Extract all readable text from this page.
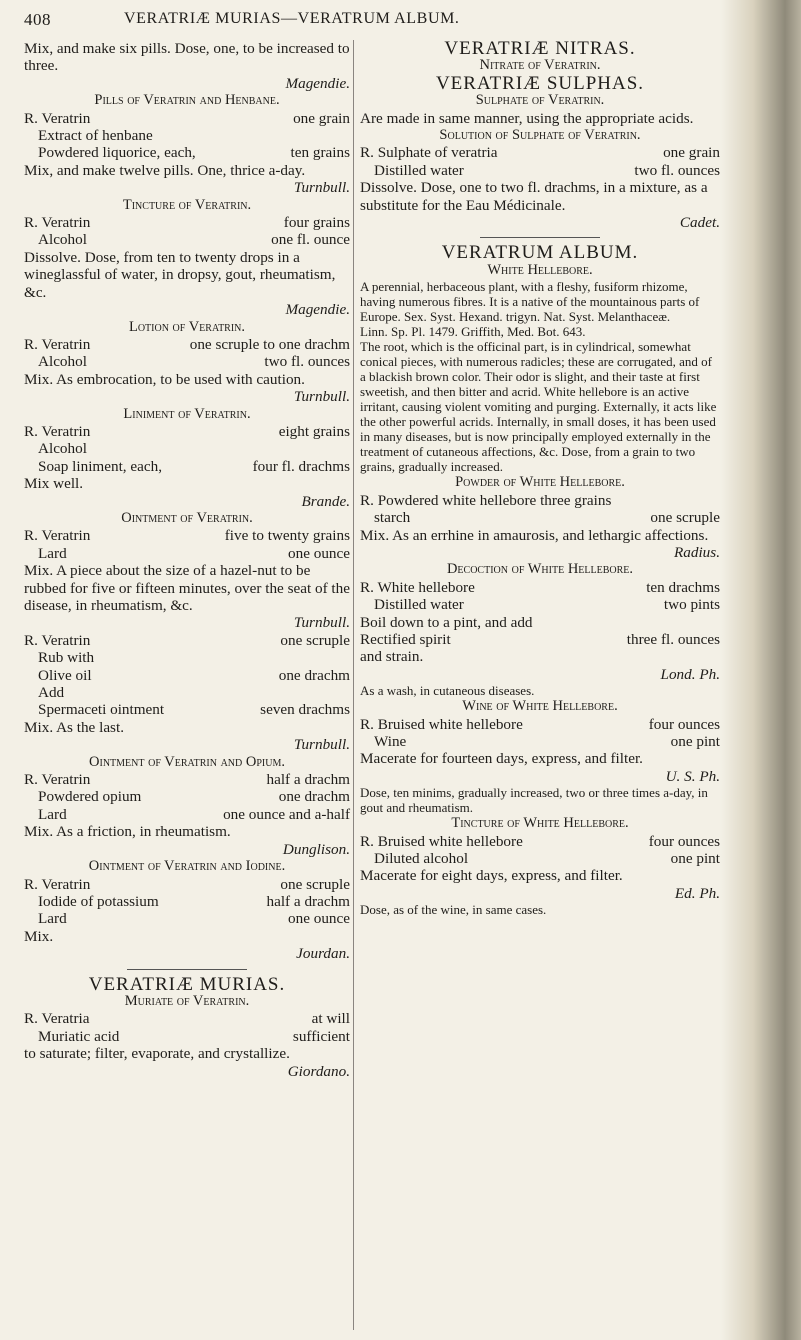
408	VERATRIÆ MURIAS—VERATRUM ALBUM.

Mix, and make six pills. Dose, one, to be increased to three.

Magendie.

Pills of Veratrin and Henbane.

R. Veratrin	one grain
Extract of henbane
Powdered liquorice, each,	ten grains

Mix, and make twelve pills. One, thrice a-day.

Turnbull.

Tincture of Veratrin.

R. Veratrin	four grains
Alcohol	one fl. ounce

Dissolve. Dose, from ten to twenty drops in a wineglassful of water, in dropsy, gout, rheumatism, &c.

Magendie.

Lotion of Veratrin.

R. Veratrin	one scruple to one drachm
Alcohol	two fl. ounces

Mix. As embrocation, to be used with caution.

Turnbull.

Liniment of Veratrin.

R. Veratrin	eight grains
Alcohol
Soap liniment, each,	four fl. drachms

Mix well.

Brande.

Ointment of Veratrin.

R. Veratrin	five to twenty grains
Lard	one ounce

Mix. A piece about the size of a hazel-nut to be rubbed for five or fifteen minutes, over the seat of the disease, in rheumatism, &c.

Turnbull.

R. Veratrin	one scruple
Rub with
Olive oil	one drachm
Add
Spermaceti ointment	seven drachms

Mix. As the last.

Turnbull.

Ointment of Veratrin and Opium.

R. Veratrin	half a drachm
Powdered opium	one drachm
Lard	one ounce and a-half

Mix. As a friction, in rheumatism.

Dunglison.

Ointment of Veratrin and Iodine.

R. Veratrin	one scruple
Iodide of potassium	half a drachm
Lard	one ounce

Mix.

Jourdan.

VERATRIÆ MURIAS.

Muriate of Veratrin.

R. Veratria	at will
Muriatic acid	sufficient

to saturate; filter, evaporate, and crystallize.

Giordano.

VERATRIÆ NITRAS.

Nitrate of Veratrin.

VERATRIÆ SULPHAS.

Sulphate of Veratrin.

Are made in same manner, using the appropriate acids.

Solution of Sulphate of Veratrin.

R. Sulphate of veratria	one grain
Distilled water	two fl. ounces

Dissolve. Dose, one to two fl. drachms, in a mixture, as a substitute for the Eau Médicinale.

Cadet.

VERATRUM ALBUM.

White Hellebore.

A perennial, herbaceous plant, with a fleshy, fusiform rhizome, having numerous fibres. It is a native of the mountainous parts of Europe. Sex. Syst. Hexand. trigyn. Nat. Syst. Melanthaceæ.

Linn. Sp. Pl. 1479. Griffith, Med. Bot. 643.

The root, which is the officinal part, is in cylindrical, somewhat conical pieces, with numerous radicles; these are corrugated, and of a blackish brown color. Their odor is slight, and their taste at first sweetish, and then bitter and acrid. White hellebore is an active irritant, causing violent vomiting and purging. Externally, it acts like the other powerful acrids. Internally, in small doses, it has been used in many diseases, but is now principally employed externally in the treatment of cutaneous affections, &c. Dose, from a grain to two grains, gradually increased.

Powder of White Hellebore.

R. Powdered white hellebore three grains
starch	one scruple

Mix. As an errhine in amaurosis, and lethargic affections.

Radius.

Decoction of White Hellebore.

R. White hellebore	ten drachms
Distilled water	two pints

Boil down to a pint, and add

Rectified spirit	three fl. ounces

and strain.

Lond. Ph.

As a wash, in cutaneous diseases.

Wine of White Hellebore.

R. Bruised white hellebore	four ounces
Wine	one pint

Macerate for fourteen days, express, and filter.

U. S. Ph.

Dose, ten minims, gradually increased, two or three times a-day, in gout and rheumatism.

Tincture of White Hellebore.

R. Bruised white hellebore	four ounces
Diluted alcohol	one pint

Macerate for eight days, express, and filter.

Ed. Ph.

Dose, as of the wine, in same cases.
